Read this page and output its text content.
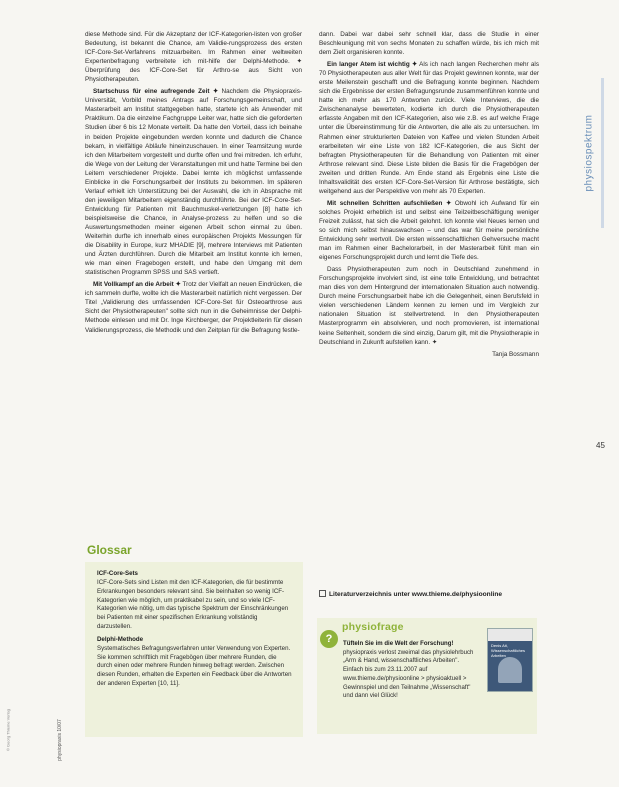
diese Methode sind. Für die Akzeptanz der ICF-Kategorien-listen von großer Bedeutung, ist bekannt die Chance, am Validie-rungsprozess des ersten ICF-Core-Set-Verfahrens mitzuarbeiten. Im Rahmen einer weltweiten Expertenbefragung verbreitete ich mit-hilfe der Delphi-Methode. ✦ Überprüfung des ICF-Core-Set für Arthro-se aus Sicht von Physiotherapeuten.

Startschuss für eine aufregende Zeit ✦ Nachdem die Physiopraxis-Universität, Vorbild meines Antrags auf Forschungsgemeinschaft, und Masterarbeit am Institut stattgegeben hatte, startete ich als Anwender mit Praktikum. Da die einzelne Fachgruppe Leiter war, hatte sich die geforderten Studien über 6 bis 12 Monate verteilt. Da hatte den Vorteil, dass ich beinahe in beiden Projekte eingebunden werden konnte und dadurch die Chance bekam, in vielfältige Abläufe hineinzuschauen. In einer Teamsitzung wurde ich den Mitarbeitern vorgestellt und durfte offen und frei mitreden. Ich erfuhr, die Wege von der Leitung der Veranstaltungen mit und hatte Termine bei den Leitern verschiedener Projekte. Dabei lernte ich möglichst umfassende Einblicke in die Forschungsarbeit der Instituts zu bekommen. Im späteren Verlauf erhielt ich Unterstützung bei der Auswahl, die ich in Absprache mit den jeweiligen Mitarbeitern eigenständig durchführte. Bei der ICF-Core-Set-Entwicklung für Patienten mit Bauchmuskel-verletzungen [8] hatte ich beispielsweise die Chance, in Analyse-prozess zu helfen und so die Auswertungsmethoden meiner eigenen Arbeit schon einmal zu üben. Weiterhin durfte ich innerhalb eines europäischen Projekts Messungen für die Disability in Europe, kurz MHADIE [9], mehrere Interviews mit Patienten und Ärzten durchführen. Durch die Mitarbeit am Institut konnte ich lernen, wie man einen Fragebogen erstellt, und habe den Umgang mit dem statistischen Programm SPSS und SAS vertieft.

Mit Vollkampf an die Arbeit ✦ Trotz der Vielfalt an neuen Eindrücken, die ich sammeln durfte, wollte ich die Masterarbeit natürlich nicht vergessen. Der Titel „Validierung des umfassenden ICF-Core-Set für Osteoarthrose aus Sicht der Physiotherapeuten" sollte sich nun in die Geheimnisse der Delphi-Methode einlesen und mit Dr. Inge Kirchberger, der Projektleiterin für diesen Validierungsprozess, die Methodik und den Zeitplan für die Befragung festle-

Glossar
ICF-Core-Sets

ICF-Core-Sets sind Listen mit den ICF-Kategorien, die für bestimmte Erkrankungen besonders relevant sind. Sie beinhalten so wenig ICF-Kategorien wie möglich, um praktikabel zu sein, und so viele ICF-Kategorien wie nötig, um das typische Spektrum der Einschränkungen bei Patienten mit einer spezifischen Erkrankung vollständig darzustellen.

Delphi-Methode

Systematisches Befragungsverfahren unter Verwendung von Experten. Sie kommen schriftlich mit Fragebögen über mehrere Runden, die durch einen oder mehrere Runden hinweg befragt werden. Zwischen diesen Runden, erhalten die Experten ein Feedback über die Antworten der anderen Experten [10, 11].

dann. Dabei war dabei sehr schnell klar, dass die Studie in einer Beschleunigung mit von sechs Monaten zu schaffen würde, bis ich mich mit dem Zielt organisieren konnte.

Ein langer Atem ist wichtig ✦ Als ich nach langen Recherchen mehr als 70 Physiotherapeuten aus aller Welt für das Projekt gewinnen konnte, war der erste Meilenstein geschafft und die Befragung konnte beginnen. Nachdem sich die Ergebnisse der ersten Befragungsrunde zusammenführen konnte und hatte ich mehr als 170 Antworten zurück. Viele Interviews, die die Zwischenanalyse bewerteten, kodierte ich durch die Physiotherapeuten erfasste Angaben mit den ICF-Kategorien, also wie z.B. es auf welche Frage unter die Übereinstimmung für die Antworten, die alle als zu untersuchen. Im Rahmen einer strukturierten Dateien von Kaffee und vielen Stunden Arbeit erarbeiteten wir eine Liste von 182 ICF-Kategorien, die aus Sicht der befragten Physiotherapeuten für die Behandlung von Patienten mit einer Arthrose relevant sind. Diese Liste bilden die Basis für die Fragebögen der zweiten und dritten Runde. Am Ende stand als Ergebnis eine Liste die Inhaltsvalidität des ersten ICF-Core-Set-Version für Arthrose bestätigte, sich weitgehend aus der Perspektive von mehr als 70 Experten.

Mit schnellen Schritten aufschließen ✦ Obwohl ich Aufwand für ein solches Projekt erheblich ist und selbst eine Teilzeitbeschäftigung weniger Freizeit zulässt, hat sich die Arbeit gelohnt. Ich konnte viel Neues lernen und so sich mich selbst hinauswachsen – und das war für meine persönliche Entwicklung sehr wertvoll. Die ersten wissenschaftlichen Gehversuche macht man im Rahmen einer Bachelorarbeit, in der Masterarbeit fühlt man ein eigenes Forschungsprojekt durch und lernt die Tiefe des.

Dass Physiotherapeuten zum noch in Deutschland zunehmend in Forschungsprojekte involviert sind, ist eine tolle Entwicklung, und betrachtet man dies von dem Hintergrund der internationalen Situation auch notwendig. Durch meine Forschungsarbeit habe ich die Gelegenheit, einen Berufsfeld in vielen verschiedenen Ländern kennen zu lernen und im Vergleich zur nationalen Situation ist stellvertretend. In den Physiotherapeuten Masterprogramm ein absolvieren, und noch promovieren, ist international keine Seltenheit, sondern die sind einzig, Darum gilt, mit die Physiotherapie in Deutschland in Zukunft aufstellen kann. ✦

Tanja Bossmann
Literaturverzeichnis unter www.thieme.de/physioonline
physiofrage
?	Tüfteln Sie im die Welt der Forschung!
physiopraxis verlost zweimal das physiolehrbuch „Arm & Hand, wissenschaftliches Arbeiten". Einfach bis zum 23.11.2007 auf www.thieme.de/physioonline > physioaktuell > Gewinnspiel und den Teilnahme „Wissenschaft" und dann viel Glück!
Denis Ait, Wissenschaftliches Arbeiten
physiospektrum
45
physiopraxis 10/07
© Georg Thieme Verlag
